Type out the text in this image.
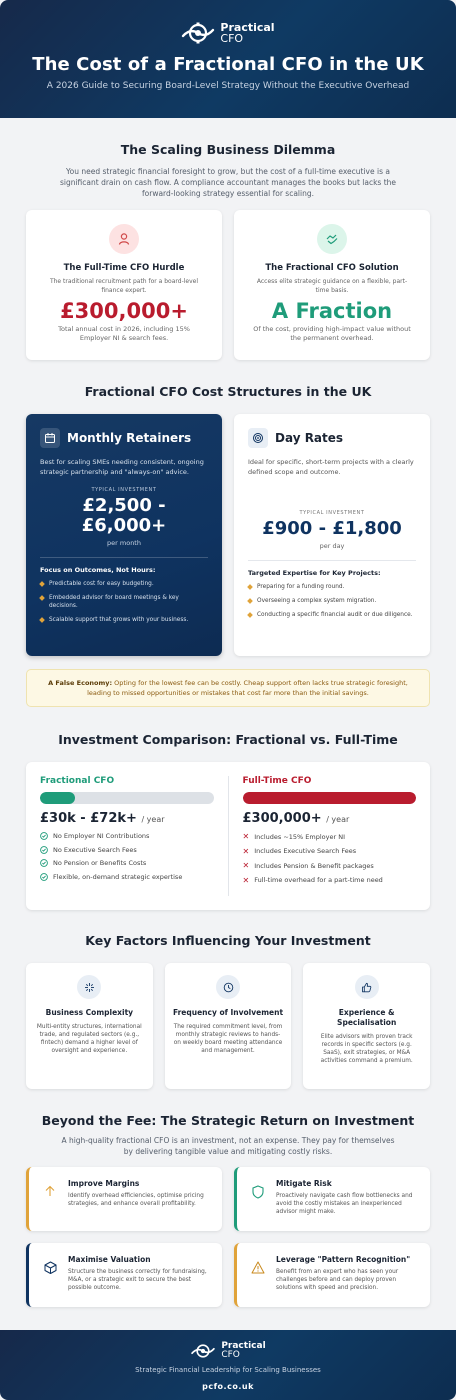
Practical
CFO
The Cost of a Fractional CFO in the UK
A 2026 Guide to Securing Board-Level Strategy Without the Executive Overhead
The Scaling Business Dilemma
You need strategic financial foresight to grow, but the cost of a full-time executive is a significant drain on cash flow. A compliance accountant manages the books but lacks the forward-looking strategy essential for scaling.
The Full-Time CFO Hurdle
The traditional recruitment path for a board-level finance expert.
£300,000+
Total annual cost in 2026, including 15% Employer NI & search fees.
The Fractional CFO Solution
Access elite strategic guidance on a flexible, part-time basis.
A Fraction
Of the cost, providing high-impact value without the permanent overhead.
Fractional CFO Cost Structures in the UK
Monthly Retainers
Best for scaling SMEs needing consistent, ongoing strategic partnership and "always-on" advice.
TYPICAL INVESTMENT
£2,500 - £6,000+
per month
Focus on Outcomes, Not Hours:
Predictable cost for easy budgeting.
Embedded advisor for board meetings & key decisions.
Scalable support that grows with your business.
Day Rates
Ideal for specific, short-term projects with a clearly defined scope and outcome.
TYPICAL INVESTMENT
£900 - £1,800
per day
Targeted Expertise for Key Projects:
Preparing for a funding round.
Overseeing a complex system migration.
Conducting a specific financial audit or due diligence.
A False Economy: Opting for the lowest fee can be costly. Cheap support often lacks true strategic foresight, leading to missed opportunities or mistakes that cost far more than the initial savings.
Investment Comparison: Fractional vs. Full-Time
Fractional CFO
£30k - £72k+ / year
No Employer NI Contributions
No Executive Search Fees
No Pension or Benefits Costs
Flexible, on-demand strategic expertise
Full-Time CFO
£300,000+ / year
✕ Includes ~15% Employer NI
✕ Includes Executive Search Fees
✕ Includes Pension & Benefit packages
✕ Full-time overhead for a part-time need
Key Factors Influencing Your Investment
Business Complexity

Multi-entity structures, international trade, and regulated sectors (e.g., fintech) demand a higher level of oversight and experience.

Frequency of Involvement

The required commitment level, from monthly strategic reviews to hands-on weekly board meeting attendance and management.

Experience & Specialisation

Elite advisors with proven track records in specific sectors (e.g. SaaS), exit strategies, or M&A activities command a premium.

Beyond the Fee: The Strategic Return on Investment
A high-quality fractional CFO is an investment, not an expense. They pay for themselves by delivering tangible value and mitigating costly risks.
Improve Margins

Identify overhead efficiencies, optimise pricing strategies, and enhance overall profitability.

Mitigate Risk

Proactively navigate cash flow bottlenecks and avoid the costly mistakes an inexperienced advisor might make.

Maximise Valuation

Structure the business correctly for fundraising, M&A, or a strategic exit to secure the best possible outcome.

Leverage "Pattern Recognition"

Benefit from an expert who has seen your challenges before and can deploy proven solutions with speed and precision.

Practical
CFO
Strategic Financial Leadership for Scaling Businesses
pcfo.co.uk
